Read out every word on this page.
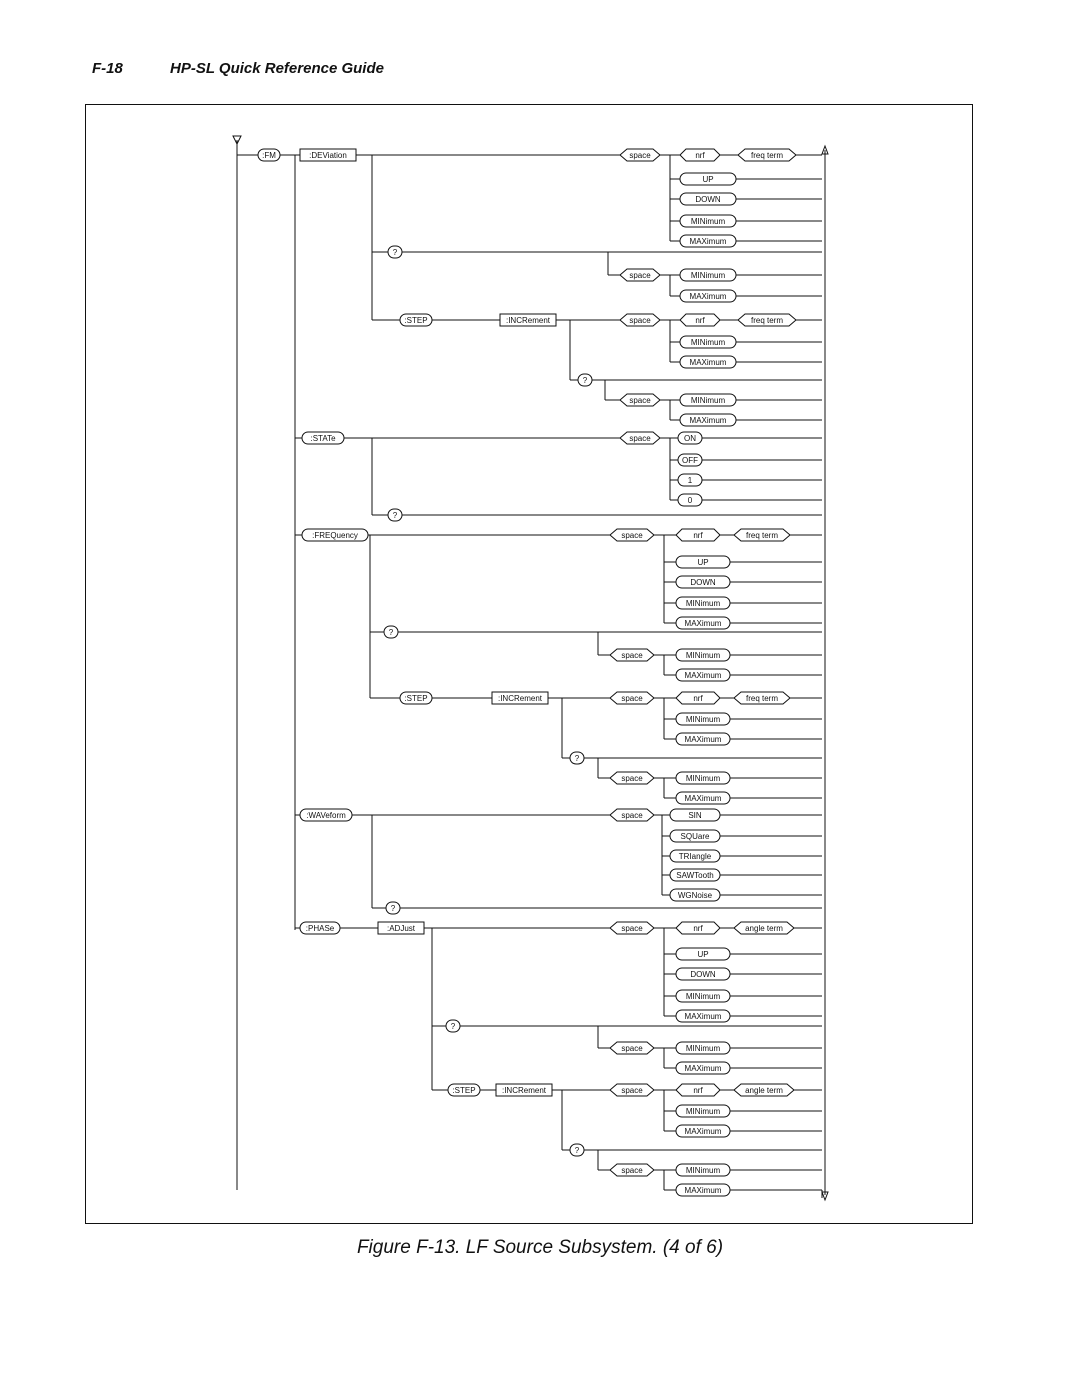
F-18	HP-SL Quick Reference Guide
:FM	:DEViation	space	nrf	freq term
UP
DOWN
MINimum
MAXimum
?
space	MINimum
MAXimum
:STEP	:INCRement	space	nrf	freq term
MINimum
MAXimum
?
space	MINimum
MAXimum
:STATe	space	ON
OFF
1
0
?
:FREQuency	space	nrf	freq term
UP
DOWN
MINimum
MAXimum
?
space	MINimum
MAXimum
:STEP	:INCRement	space	nrf	freq term
MINimum
MAXimum
?
space	MINimum
MAXimum
:WAVeform	space	SIN
SQUare
TRIangle
SAWTooth
WGNoise
?
:PHASe	:ADJust	space	nrf	angle term
UP
DOWN
MINimum
MAXimum
?
space	MINimum
MAXimum
:STEP	:INCRement	space	nrf	angle term
MINimum
MAXimum
?
space	MINimum
MAXimum
Figure F-13. LF Source Subsystem. (4 of 6)
